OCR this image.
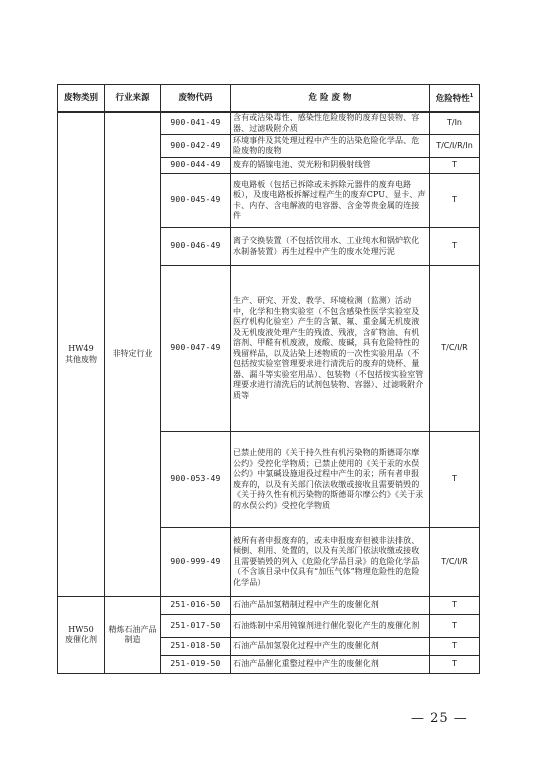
废物类别	行业来源	废物代码	危 险 废 物	危险特性$^1$

HW49
其他废物	非特定行业	900-041-49	含有或沾染毒性、感染性危险废物的废弃包装物、容器、过滤吸附介质	T/In
		900-042-49	环境事件及其处理过程中产生的沾染危险化学品、危险废物的废物	T/C/I/R/In
		900-044-49	废弃的镉镍电池、荧光粉和阴极射线管	T
		900-045-49	废电路板（包括已拆除或未拆除元器件的废弃电路板），及废电路板拆解过程产生的废弃CPU、显卡、声卡、内存、含电解液的电容器、含金等贵金属的连接件	T
		900-046-49	离子交换装置（不包括饮用水、工业纯水和锅炉软化水制备装置）再生过程中产生的废水处理污泥	T
		900-047-49	生产、研究、开发、教学、环境检测（监测）活动中，化学和生物实验室（不包含感染性医学实验室及医疗机构化验室）产生的含氰、氟、重金属无机废液及无机废液处理产生的残渣、残液，含矿物油、有机溶剂、甲醛有机废液，废酸、废碱，具有危险特性的残留样品，以及沾染上述物质的一次性实验用品（不包括按实验室管理要求进行清洗后的废弃的烧杯、量器、漏斗等实验室用品）、包装物（不包括按实验室管理要求进行清洗后的试剂包装物、容器）、过滤吸附介质等	T/C/I/R
		900-053-49	已禁止使用的《关于持久性有机污染物的斯德哥尔摩公约》受控化学物质；已禁止使用的《关于汞的水俣公约》中氯碱设施退役过程中产生的汞；所有者申报废弃的，以及有关部门依法收缴或接收且需要销毁的《关于持久性有机污染物的斯德哥尔摩公约》《关于汞的水俣公约》受控化学物质	T
		900-999-49	被所有者申报废弃的，或未申报废弃但被非法排放、倾倒、利用、处置的，以及有关部门依法收缴或接收且需要销毁的列入《危险化学品目录》的危险化学品（不含该目录中仅具有“加压气体”物理危险性的危险化学品）	T/C/I/R

HW50
废催化剂	精炼石油产品制造	251-016-50	石油产品加氢精制过程中产生的废催化剂	T
		251-017-50	石油炼制中采用钝镍剂进行催化裂化产生的废催化剂	T
		251-018-50	石油产品加氢裂化过程中产生的废催化剂	T
		251-019-50	石油产品催化重整过程中产生的废催化剂	T
— 25 —
